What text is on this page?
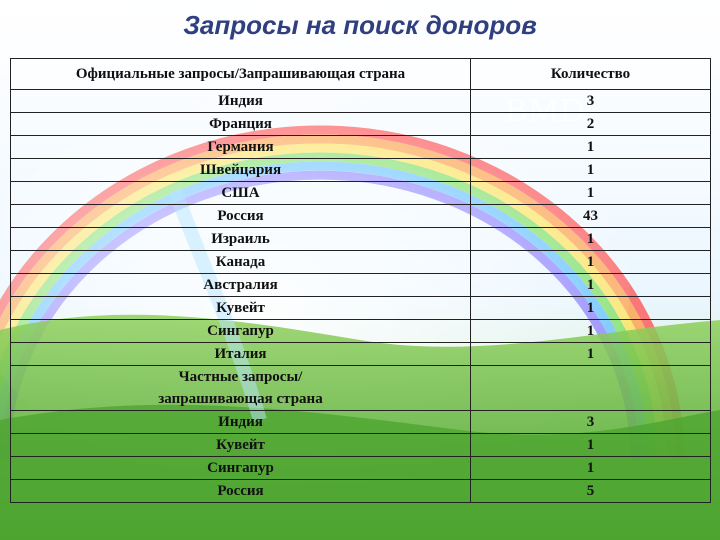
Запросы на поиск доноров
BMD
Официальные запросы/Запрашивающая страна	Количество
Индия	3
Франция	2
Германия	1
Швейцария	1
США	1
Россия	43
Израиль	1
Канада	1
Австралия	1
Кувейт	1
Сингапур	1
Италия	1

Частные запросы/
запрашивающая страна	

Индия	3
Кувейт	1
Сингапур	1
Россия	5
